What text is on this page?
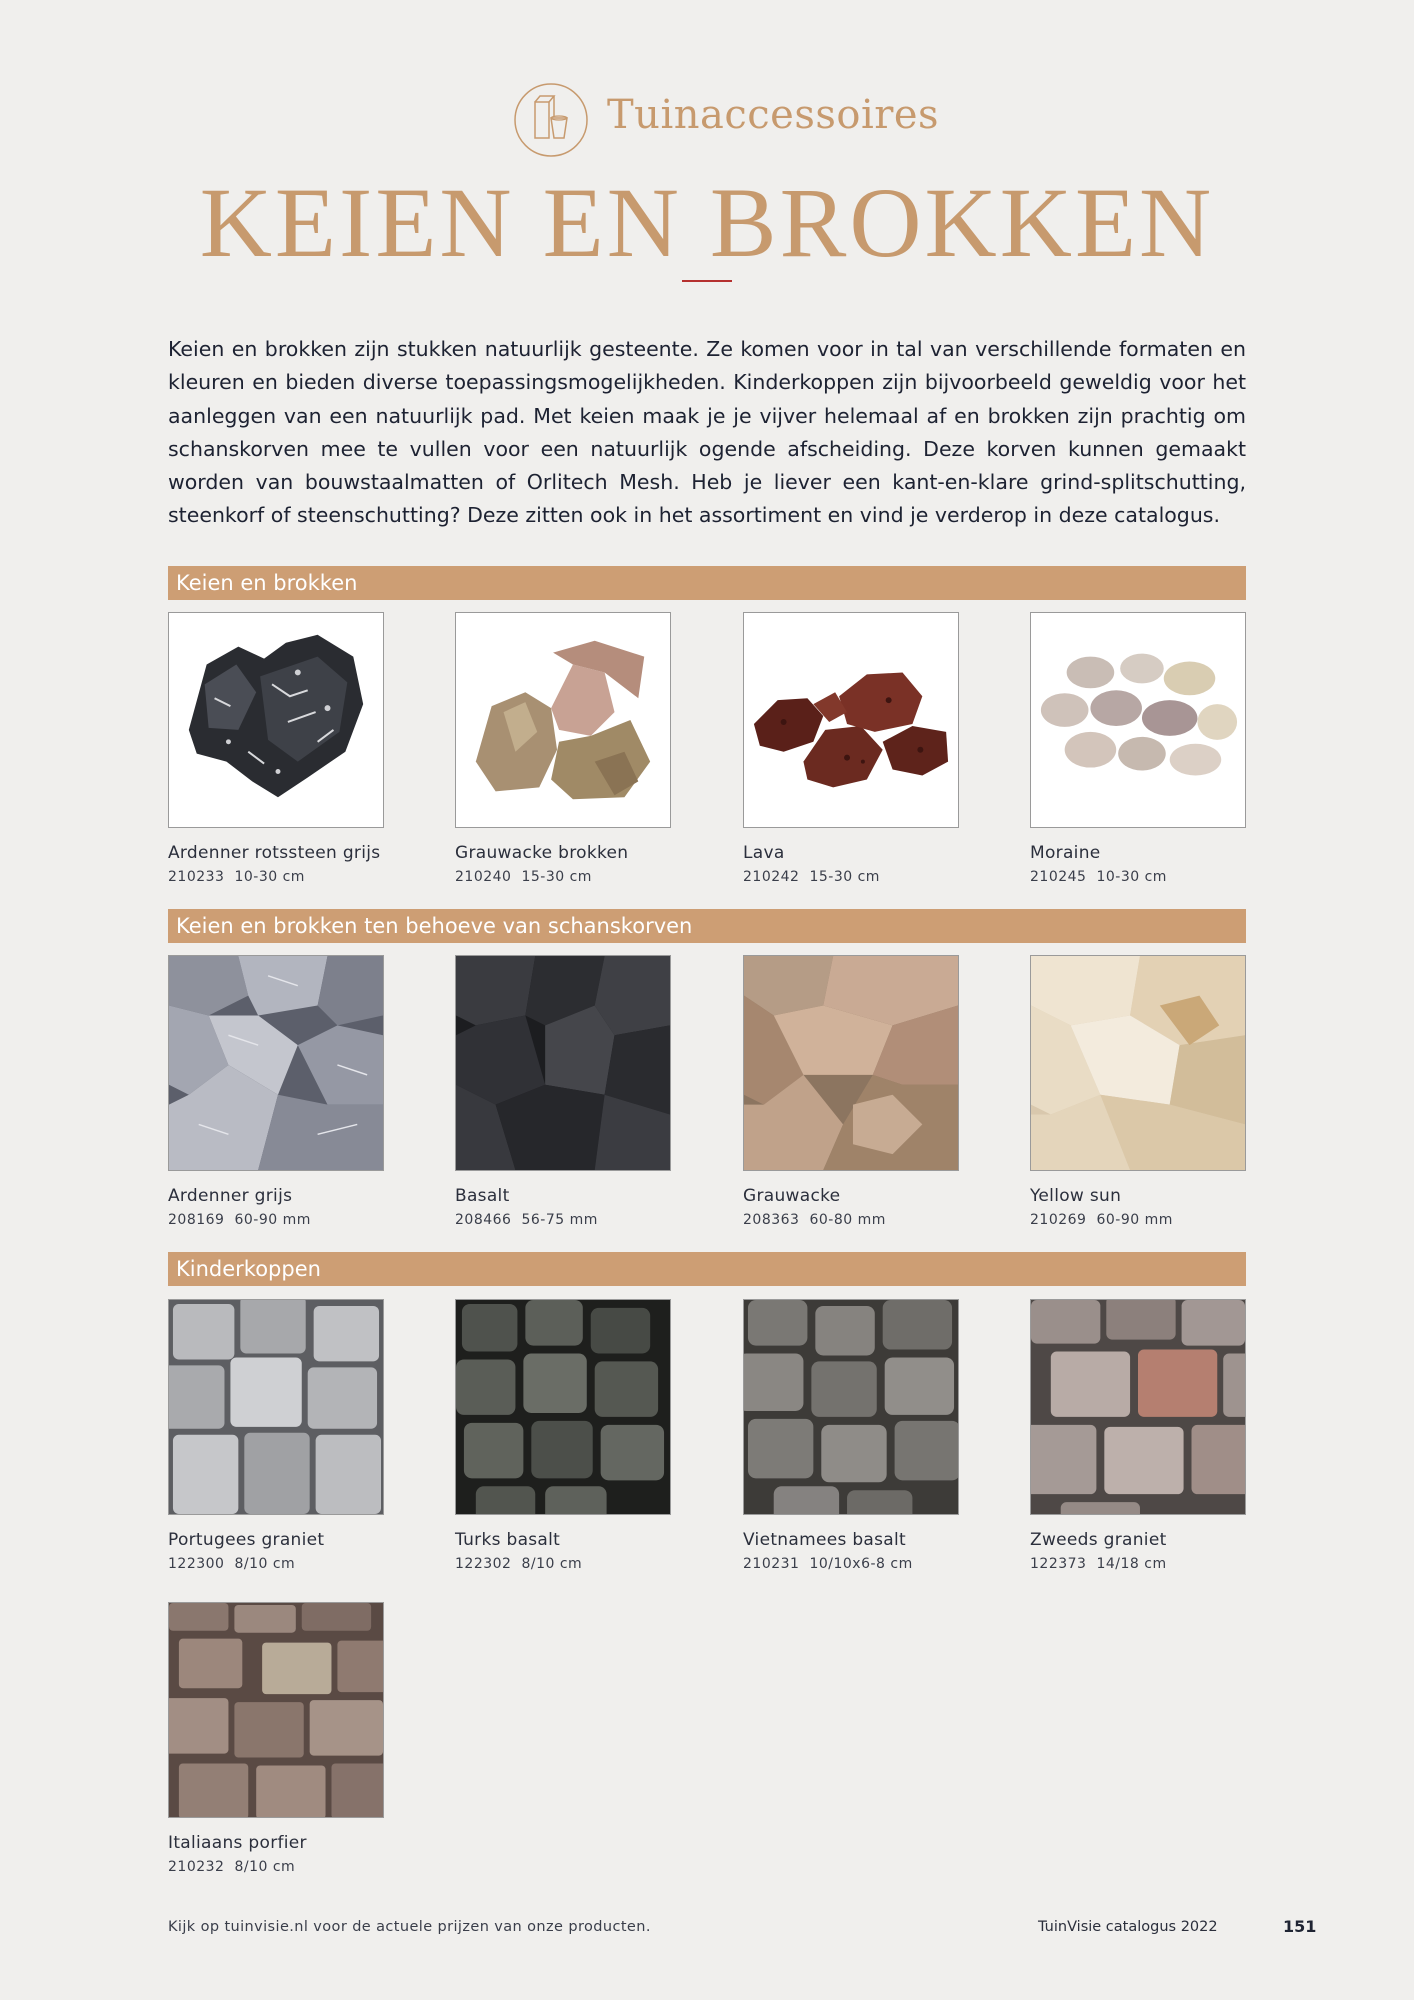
Tuinaccessoires
KEIEN EN BROKKEN
Keien en brokken zijn stukken natuurlijk gesteente. Ze komen voor in tal van verschillende formaten en kleuren en bieden diverse toepassingsmogelijkheden. Kinderkoppen zijn bijvoorbeeld geweldig voor het aanleggen van een natuurlijk pad. Met keien maak je je vijver helemaal af en brokken zijn prachtig om schanskorven mee te vullen voor een natuurlijk ogende afscheiding. Deze korven kunnen gemaakt worden van bouwstaalmatten of Orlitech Mesh. Heb je liever een kant-en-klare grind-splitschutting, steenkorf of steenschutting? Deze zitten ook in het assortiment en vind je verderop in deze catalogus.
Keien en brokken
Ardenner rotssteen grijs
210233 10-30 cm
Grauwacke brokken
210240 15-30 cm
Lava
210242 15-30 cm
Moraine
210245 10-30 cm
Keien en brokken ten behoeve van schanskorven
Ardenner grijs
208169 60-90 mm
Basalt
208466 56-75 mm
Grauwacke
208363 60-80 mm
Yellow sun
210269 60-90 mm
Kinderkoppen
Portugees graniet
122300 8/10 cm
Turks basalt
122302 8/10 cm
Vietnamees basalt
210231 10/10x6-8 cm
Zweeds graniet
122373 14/18 cm
Italiaans porfier
210232 8/10 cm
Kijk op tuinvisie.nl voor de actuele prijzen van onze producten.	TuinVisie catalogus 2022	151
